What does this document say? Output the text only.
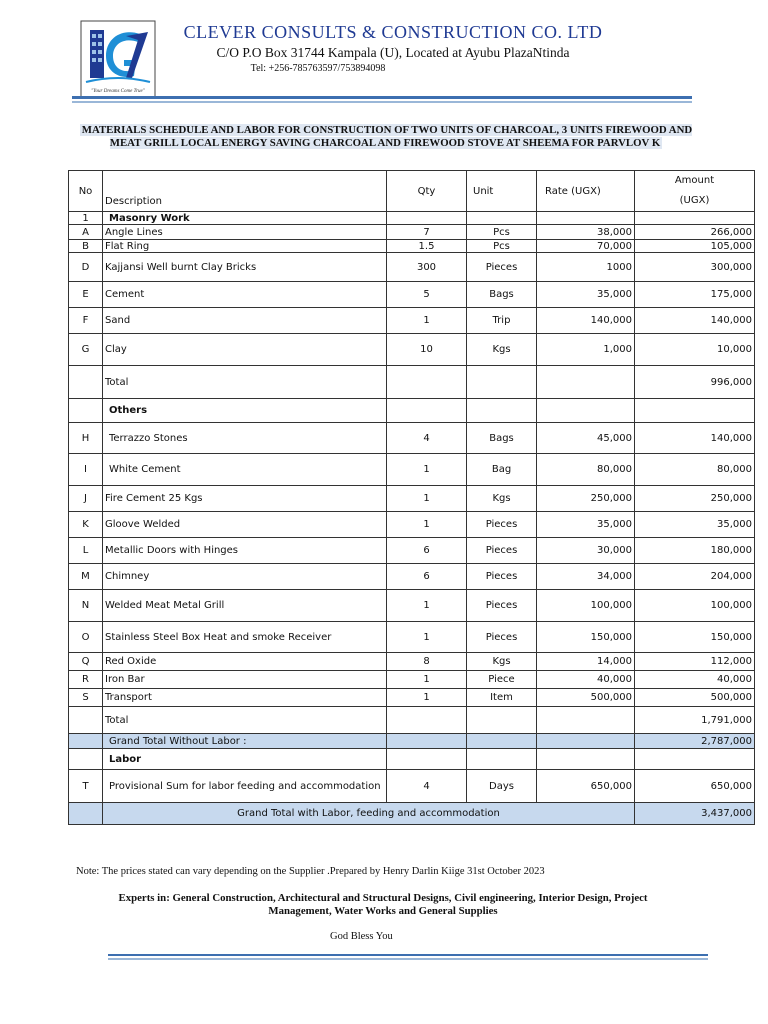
"Your Dreams Come True"
CLEVER CONSULTS & CONSTRUCTION CO. LTD
C/O P.O Box 31744 Kampala (U), Located at Ayubu PlazaNtinda
Tel: +256-785763597/753894098
MATERIALS SCHEDULE AND LABOR FOR CONSTRUCTION OF TWO UNITS OF CHARCOAL, 3 UNITS FIREWOOD AND MEAT GRILL LOCAL ENERGY SAVING CHARCOAL AND FIREWOOD STOVE AT SHEEMA FOR PARVLOV K
No	Description	Qty	Unit	Rate (UGX)	Amount
(UGX)

1	Masonry Work				
A	Angle Lines	7	Pcs	38,000	266,000
B	Flat Ring	1.5	Pcs	70,000	105,000
D	Kajjansi Well burnt Clay Bricks	300	Pieces	1000	300,000
E	Cement	5	Bags	35,000	175,000
F	Sand	1	Trip	140,000	140,000
G	Clay	10	Kgs	1,000	10,000
	Total				996,000
	Others				
H	Terrazzo Stones	4	Bags	45,000	140,000
I	White Cement	1	Bag	80,000	80,000
J	Fire Cement 25 Kgs	1	Kgs	250,000	250,000
K	Gloove Welded	1	Pieces	35,000	35,000
L	Metallic Doors with Hinges	6	Pieces	30,000	180,000
M	Chimney	6	Pieces	34,000	204,000
N	Welded Meat Metal Grill	1	Pieces	100,000	100,000
O	Stainless Steel Box Heat and smoke Receiver	1	Pieces	150,000	150,000
Q	Red Oxide	8	Kgs	14,000	112,000
R	Iron Bar	1	Piece	40,000	40,000
S	Transport	1	Item	500,000	500,000
	Total				1,791,000
	Grand Total Without Labor :				2,787,000
	Labor				
T	Provisional Sum for labor feeding and accommodation	4	Days	650,000	650,000
	Grand Total with Labor, feeding and accommodation				3,437,000
Note: The prices stated can vary depending on the Supplier .Prepared by Henry Darlin Kiige 31st October 2023
Experts in: General Construction, Architectural and Structural Designs, Civil engineering, Interior Design, Project Management, Water Works and General Supplies
God Bless You
